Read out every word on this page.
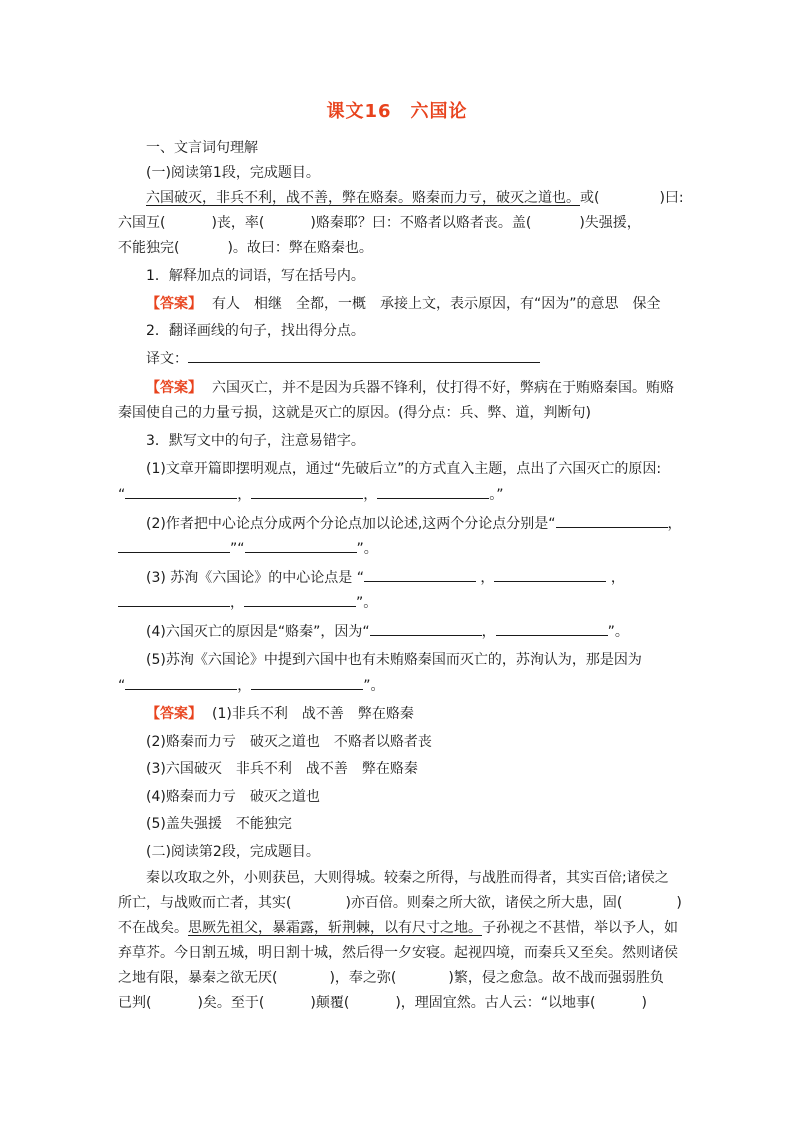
课文16　六国论
一、文言词句理解
(一)阅读第1段，完成题目。
六国破灭，非兵不利，战不善，弊在赂秦。赂秦而力亏，破灭之道也。或(	)曰:
六国互(	)丧，率(	)赂秦耶？曰：不赂者以赂者丧。盖(	)失强援，
不能独完(	)。故曰：弊在赂秦也。
1．解释加点的词语，写在括号内。
【答案】 有人　相继　全都，一概　承接上文，表示原因，有“因为”的意思　保全
2．翻译画线的句子，找出得分点。
译文：
【答案】 六国灭亡，并不是因为兵器不锋利，仗打得不好，弊病在于贿赂秦国。贿赂
秦国使自己的力量亏损，这就是灭亡的原因。(得分点：兵、弊、道，判断句)
3．默写文中的句子，注意易错字。
(1)文章开篇即摆明观点，通过“先破后立”的方式直入主题，点出了六国灭亡的原因:
“	，	，	。”
(2)作者把中心论点分成两个分论点加以论述,这两个分论点分别是“	，
”“	”。
(3) 苏洵《六国论》的中心论点是 “	，	，
，	”。
(4)六国灭亡的原因是“赂秦”，因为“	，	”。
(5)苏洵《六国论》中提到六国中也有未贿赂秦国而灭亡的，苏洵认为，那是因为
“	，	”。
【答案】 (1)非兵不利　战不善　弊在赂秦
(2)赂秦而力亏　破灭之道也　不赂者以赂者丧
(3)六国破灭　非兵不利　战不善　弊在赂秦
(4)赂秦而力亏　破灭之道也
(5)盖失强援　不能独完
(二)阅读第2段，完成题目。
秦以攻取之外，小则获邑，大则得城。较秦之所得，与战胜而得者，其实百倍;诸侯之
所亡，与战败而亡者，其实(	)亦百倍。则秦之所大欲，诸侯之所大患，固(	)
不在战矣。思厥先祖父，暴霜露，斩荆棘，以有尺寸之地。子孙视之不甚惜，举以予人，如
弃草芥。今日割五城，明日割十城，然后得一夕安寝。起视四境，而秦兵又至矣。然则诸侯
之地有限，暴秦之欲无厌(	)，奉之弥(	)繁，侵之愈急。故不战而强弱胜负
已判(	)矣。至于(	)颠覆(	)，理固宜然。古人云：“以地事(	)
